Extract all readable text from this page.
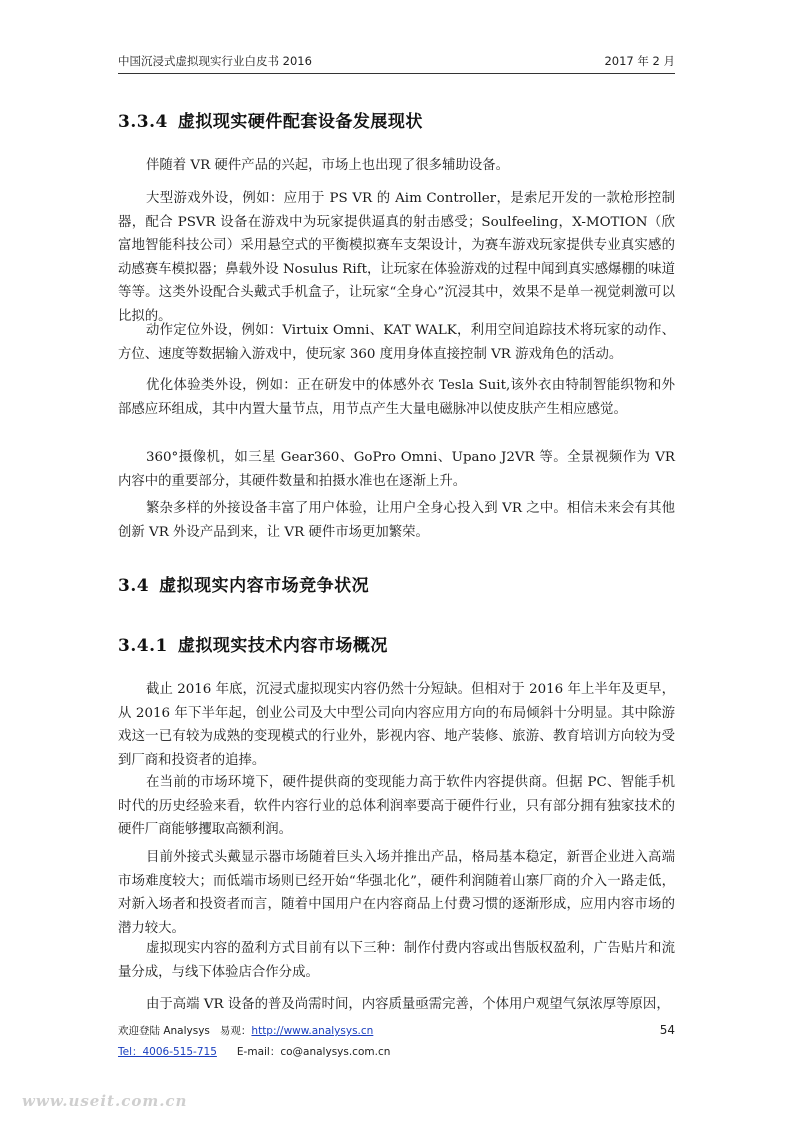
中国沉浸式虚拟现实行业白皮书 2016	2017 年 2 月
3.3.4 虚拟现实硬件配套设备发展现状

伴随着 VR 硬件产品的兴起，市场上也出现了很多辅助设备。

大型游戏外设，例如：应用于 PS VR 的 Aim Controller，是索尼开发的一款枪形控制器，配合 PSVR 设备在游戏中为玩家提供逼真的射击感受；Soulfeeling，X-MOTION（欣富地智能科技公司）采用悬空式的平衡模拟赛车支架设计，为赛车游戏玩家提供专业真实感的动感赛车模拟器；鼻载外设 Nosulus Rift，让玩家在体验游戏的过程中闻到真实感爆棚的味道等等。这类外设配合头戴式手机盒子，让玩家“全身心”沉浸其中，效果不是单一视觉刺激可以比拟的。

动作定位外设，例如：Virtuix Omni、KAT WALK，利用空间追踪技术将玩家的动作、方位、速度等数据输入游戏中，使玩家 360 度用身体直接控制 VR 游戏角色的活动。

优化体验类外设，例如：正在研发中的体感外衣 Tesla Suit,该外衣由特制智能织物和外部感应环组成，其中内置大量节点，用节点产生大量电磁脉冲以使皮肤产生相应感觉。

360°摄像机，如三星 Gear360、GoPro Omni、Upano J2VR 等。全景视频作为 VR 内容中的重要部分，其硬件数量和拍摄水准也在逐渐上升。

繁杂多样的外接设备丰富了用户体验，让用户全身心投入到 VR 之中。相信未来会有其他创新 VR 外设产品到来，让 VR 硬件市场更加繁荣。

3.4 虚拟现实内容市场竞争状况
3.4.1 虚拟现实技术内容市场概况

截止 2016 年底，沉浸式虚拟现实内容仍然十分短缺。但相对于 2016 年上半年及更早，从 2016 年下半年起，创业公司及大中型公司向内容应用方向的布局倾斜十分明显。其中除游戏这一已有较为成熟的变现模式的行业外，影视内容、地产装修、旅游、教育培训方向较为受到厂商和投资者的追捧。

在当前的市场环境下，硬件提供商的变现能力高于软件内容提供商。但据 PC、智能手机时代的历史经验来看，软件内容行业的总体利润率要高于硬件行业，只有部分拥有独家技术的硬件厂商能够攫取高额利润。

目前外接式头戴显示器市场随着巨头入场并推出产品，格局基本稳定，新晋企业进入高端市场难度较大；而低端市场则已经开始“华强北化”，硬件利润随着山寨厂商的介入一路走低，对新入场者和投资者而言，随着中国用户在内容商品上付费习惯的逐渐形成，应用内容市场的潜力较大。

虚拟现实内容的盈利方式目前有以下三种：制作付费内容或出售版权盈利，广告贴片和流量分成，与线下体验店合作分成。

由于高端 VR 设备的普及尚需时间，内容质量亟需完善，个体用户观望气氛浓厚等原因，

欢迎登陆 Analysys 易观：http://www.analysys.cn	54
Tel：4006-515-715 E-mail：co@analysys.com.cn
www.useit.com.cn
